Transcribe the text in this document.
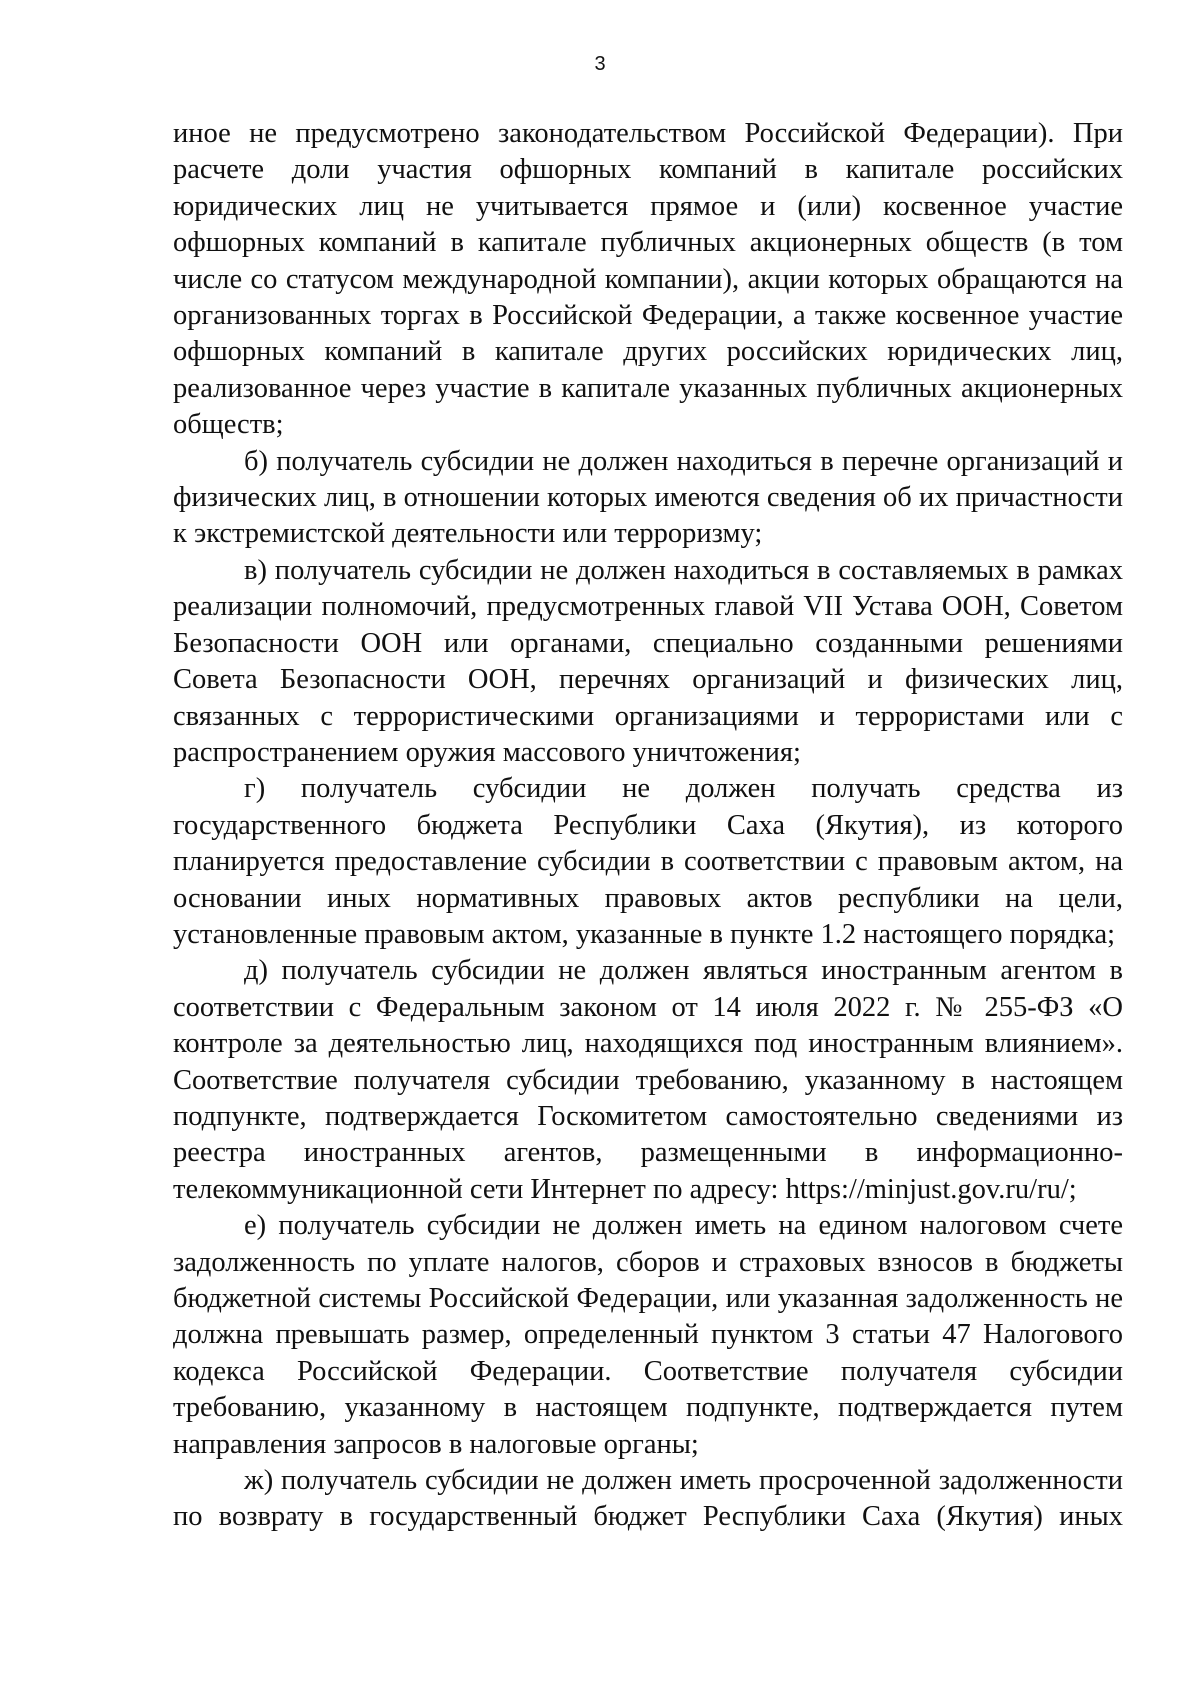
3

иное не предусмотрено законодательством Российской Федерации). При расчете доли участия офшорных компаний в капитале российских юридических лиц не учитывается прямое и (или) косвенное участие офшорных компаний в капитале публичных акционерных обществ (в том числе со статусом международной компании), акции которых обращаются на организованных торгах в Российской Федерации, а также косвенное участие офшорных компаний в капитале других российских юридических лиц, реализованное через участие в капитале указанных публичных акционерных обществ;

б) получатель субсидии не должен находиться в перечне организаций и физических лиц, в отношении которых имеются сведения об их причастности к экстремистской деятельности или терроризму;

в) получатель субсидии не должен находиться в составляемых в рамках реализации полномочий, предусмотренных главой VII Устава ООН, Советом Безопасности ООН или органами, специально созданными решениями Совета Безопасности ООН, перечнях организаций и физических лиц, связанных с террористическими организациями и террористами или с распространением оружия массового уничтожения;

г) получатель субсидии не должен получать средства из государственного бюджета Республики Саха (Якутия), из которого планируется предоставление субсидии в соответствии с правовым актом, на основании иных нормативных правовых актов республики на цели, установленные правовым актом, указанные в пункте 1.2 настоящего порядка;

д) получатель субсидии не должен являться иностранным агентом в соответствии с Федеральным законом от 14 июля 2022 г. № 255-ФЗ «О контроле за деятельностью лиц, находящихся под иностранным влиянием». Соответствие получателя субсидии требованию, указанному в настоящем подпункте, подтверждается Госкомитетом самостоятельно сведениями из реестра иностранных агентов, размещенными в информационно-телекоммуникационной сети Интернет по адресу: https://minjust.gov.ru/ru/;

е) получатель субсидии не должен иметь на едином налоговом счете задолженность по уплате налогов, сборов и страховых взносов в бюджеты бюджетной системы Российской Федерации, или указанная задолженность не должна превышать размер, определенный пунктом 3 статьи 47 Налогового кодекса Российской Федерации. Соответствие получателя субсидии требованию, указанному в настоящем подпункте, подтверждается путем направления запросов в налоговые органы;

ж) получатель субсидии не должен иметь просроченной задолженности по возврату в государственный бюджет Республики Саха (Якутия) иных
